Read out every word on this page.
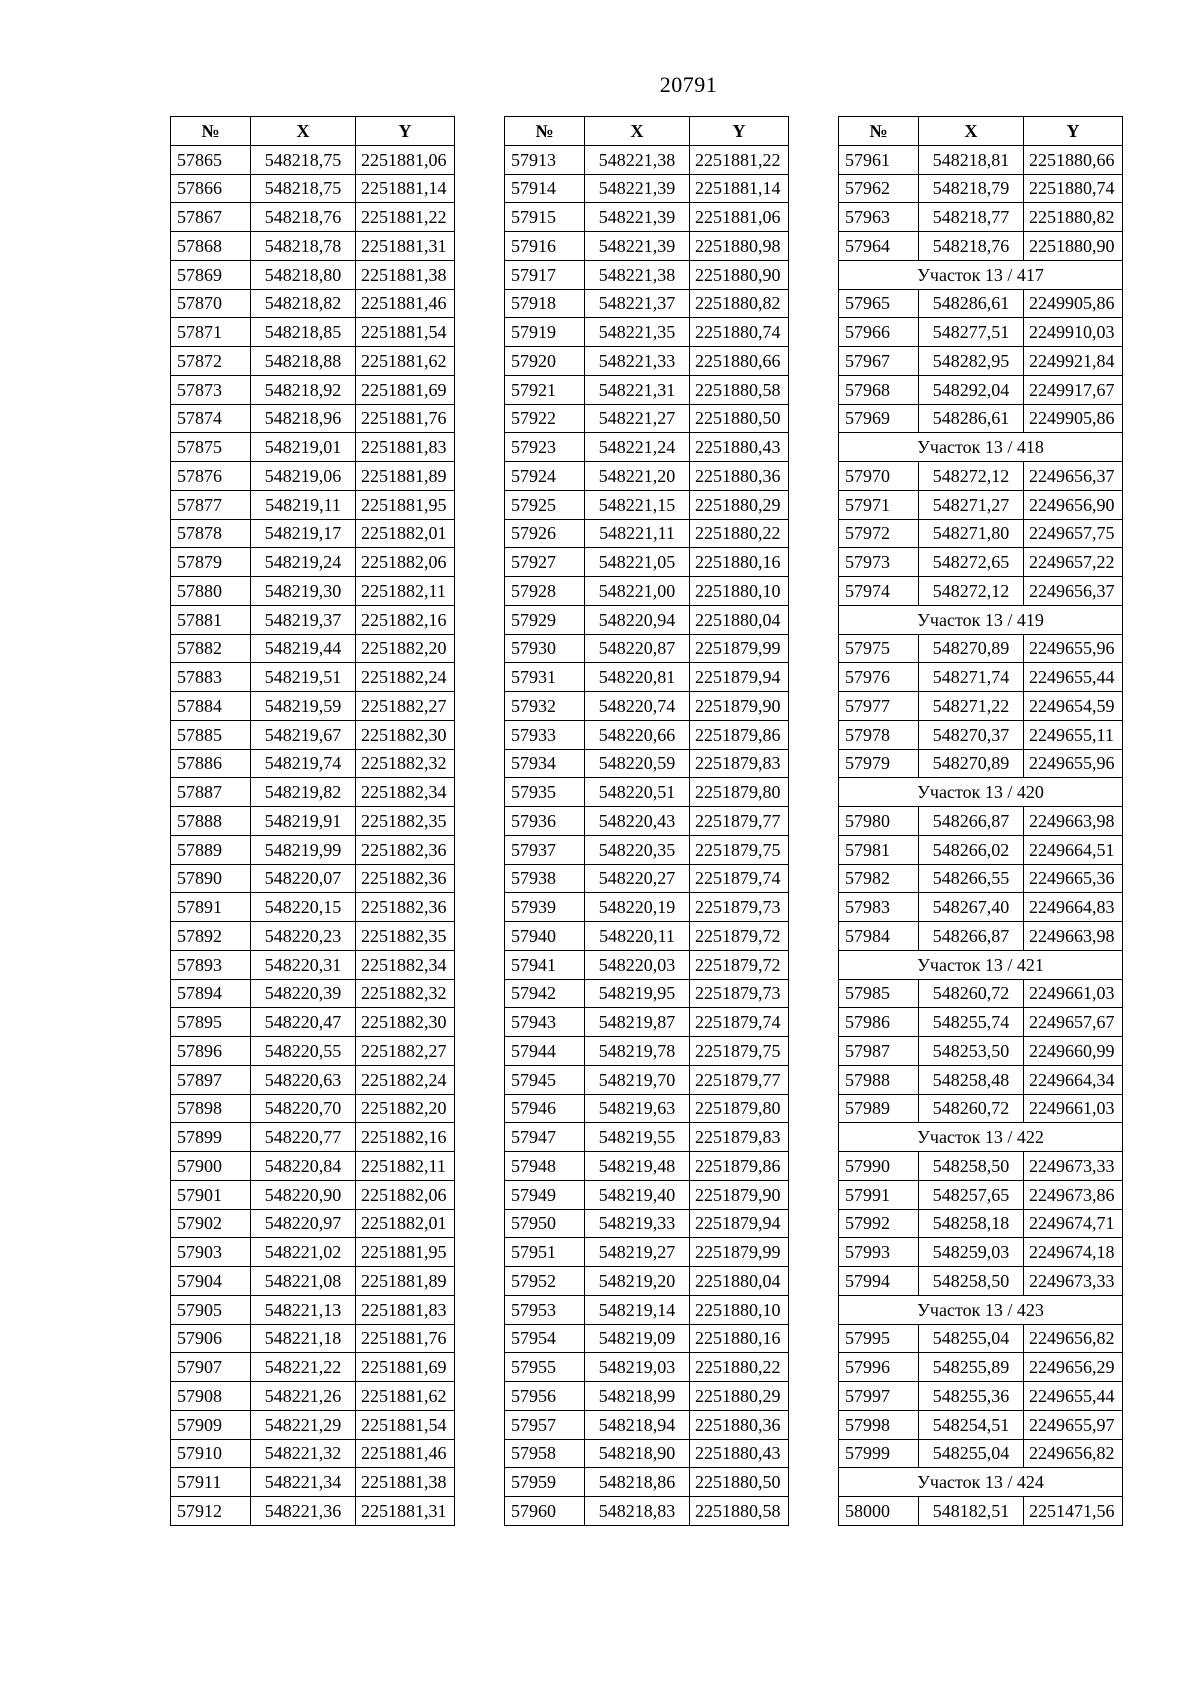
20791
№	X	Y
57865	548218,75	2251881,06
57866	548218,75	2251881,14
57867	548218,76	2251881,22
57868	548218,78	2251881,31
57869	548218,80	2251881,38
57870	548218,82	2251881,46
57871	548218,85	2251881,54
57872	548218,88	2251881,62
57873	548218,92	2251881,69
57874	548218,96	2251881,76
57875	548219,01	2251881,83
57876	548219,06	2251881,89
57877	548219,11	2251881,95
57878	548219,17	2251882,01
57879	548219,24	2251882,06
57880	548219,30	2251882,11
57881	548219,37	2251882,16
57882	548219,44	2251882,20
57883	548219,51	2251882,24
57884	548219,59	2251882,27
57885	548219,67	2251882,30
57886	548219,74	2251882,32
57887	548219,82	2251882,34
57888	548219,91	2251882,35
57889	548219,99	2251882,36
57890	548220,07	2251882,36
57891	548220,15	2251882,36
57892	548220,23	2251882,35
57893	548220,31	2251882,34
57894	548220,39	2251882,32
57895	548220,47	2251882,30
57896	548220,55	2251882,27
57897	548220,63	2251882,24
57898	548220,70	2251882,20
57899	548220,77	2251882,16
57900	548220,84	2251882,11
57901	548220,90	2251882,06
57902	548220,97	2251882,01
57903	548221,02	2251881,95
57904	548221,08	2251881,89
57905	548221,13	2251881,83
57906	548221,18	2251881,76
57907	548221,22	2251881,69
57908	548221,26	2251881,62
57909	548221,29	2251881,54
57910	548221,32	2251881,46
57911	548221,34	2251881,38
57912	548221,36	2251881,31
№	X	Y
57913	548221,38	2251881,22
57914	548221,39	2251881,14
57915	548221,39	2251881,06
57916	548221,39	2251880,98
57917	548221,38	2251880,90
57918	548221,37	2251880,82
57919	548221,35	2251880,74
57920	548221,33	2251880,66
57921	548221,31	2251880,58
57922	548221,27	2251880,50
57923	548221,24	2251880,43
57924	548221,20	2251880,36
57925	548221,15	2251880,29
57926	548221,11	2251880,22
57927	548221,05	2251880,16
57928	548221,00	2251880,10
57929	548220,94	2251880,04
57930	548220,87	2251879,99
57931	548220,81	2251879,94
57932	548220,74	2251879,90
57933	548220,66	2251879,86
57934	548220,59	2251879,83
57935	548220,51	2251879,80
57936	548220,43	2251879,77
57937	548220,35	2251879,75
57938	548220,27	2251879,74
57939	548220,19	2251879,73
57940	548220,11	2251879,72
57941	548220,03	2251879,72
57942	548219,95	2251879,73
57943	548219,87	2251879,74
57944	548219,78	2251879,75
57945	548219,70	2251879,77
57946	548219,63	2251879,80
57947	548219,55	2251879,83
57948	548219,48	2251879,86
57949	548219,40	2251879,90
57950	548219,33	2251879,94
57951	548219,27	2251879,99
57952	548219,20	2251880,04
57953	548219,14	2251880,10
57954	548219,09	2251880,16
57955	548219,03	2251880,22
57956	548218,99	2251880,29
57957	548218,94	2251880,36
57958	548218,90	2251880,43
57959	548218,86	2251880,50
57960	548218,83	2251880,58
№	X	Y
57961	548218,81	2251880,66
57962	548218,79	2251880,74
57963	548218,77	2251880,82
57964	548218,76	2251880,90
Участок 13 / 417		
57965	548286,61	2249905,86
57966	548277,51	2249910,03
57967	548282,95	2249921,84
57968	548292,04	2249917,67
57969	548286,61	2249905,86
Участок 13 / 418		
57970	548272,12	2249656,37
57971	548271,27	2249656,90
57972	548271,80	2249657,75
57973	548272,65	2249657,22
57974	548272,12	2249656,37
Участок 13 / 419		
57975	548270,89	2249655,96
57976	548271,74	2249655,44
57977	548271,22	2249654,59
57978	548270,37	2249655,11
57979	548270,89	2249655,96
Участок 13 / 420		
57980	548266,87	2249663,98
57981	548266,02	2249664,51
57982	548266,55	2249665,36
57983	548267,40	2249664,83
57984	548266,87	2249663,98
Участок 13 / 421		
57985	548260,72	2249661,03
57986	548255,74	2249657,67
57987	548253,50	2249660,99
57988	548258,48	2249664,34
57989	548260,72	2249661,03
Участок 13 / 422		
57990	548258,50	2249673,33
57991	548257,65	2249673,86
57992	548258,18	2249674,71
57993	548259,03	2249674,18
57994	548258,50	2249673,33
Участок 13 / 423		
57995	548255,04	2249656,82
57996	548255,89	2249656,29
57997	548255,36	2249655,44
57998	548254,51	2249655,97
57999	548255,04	2249656,82
Участок 13 / 424		
58000	548182,51	2251471,56
